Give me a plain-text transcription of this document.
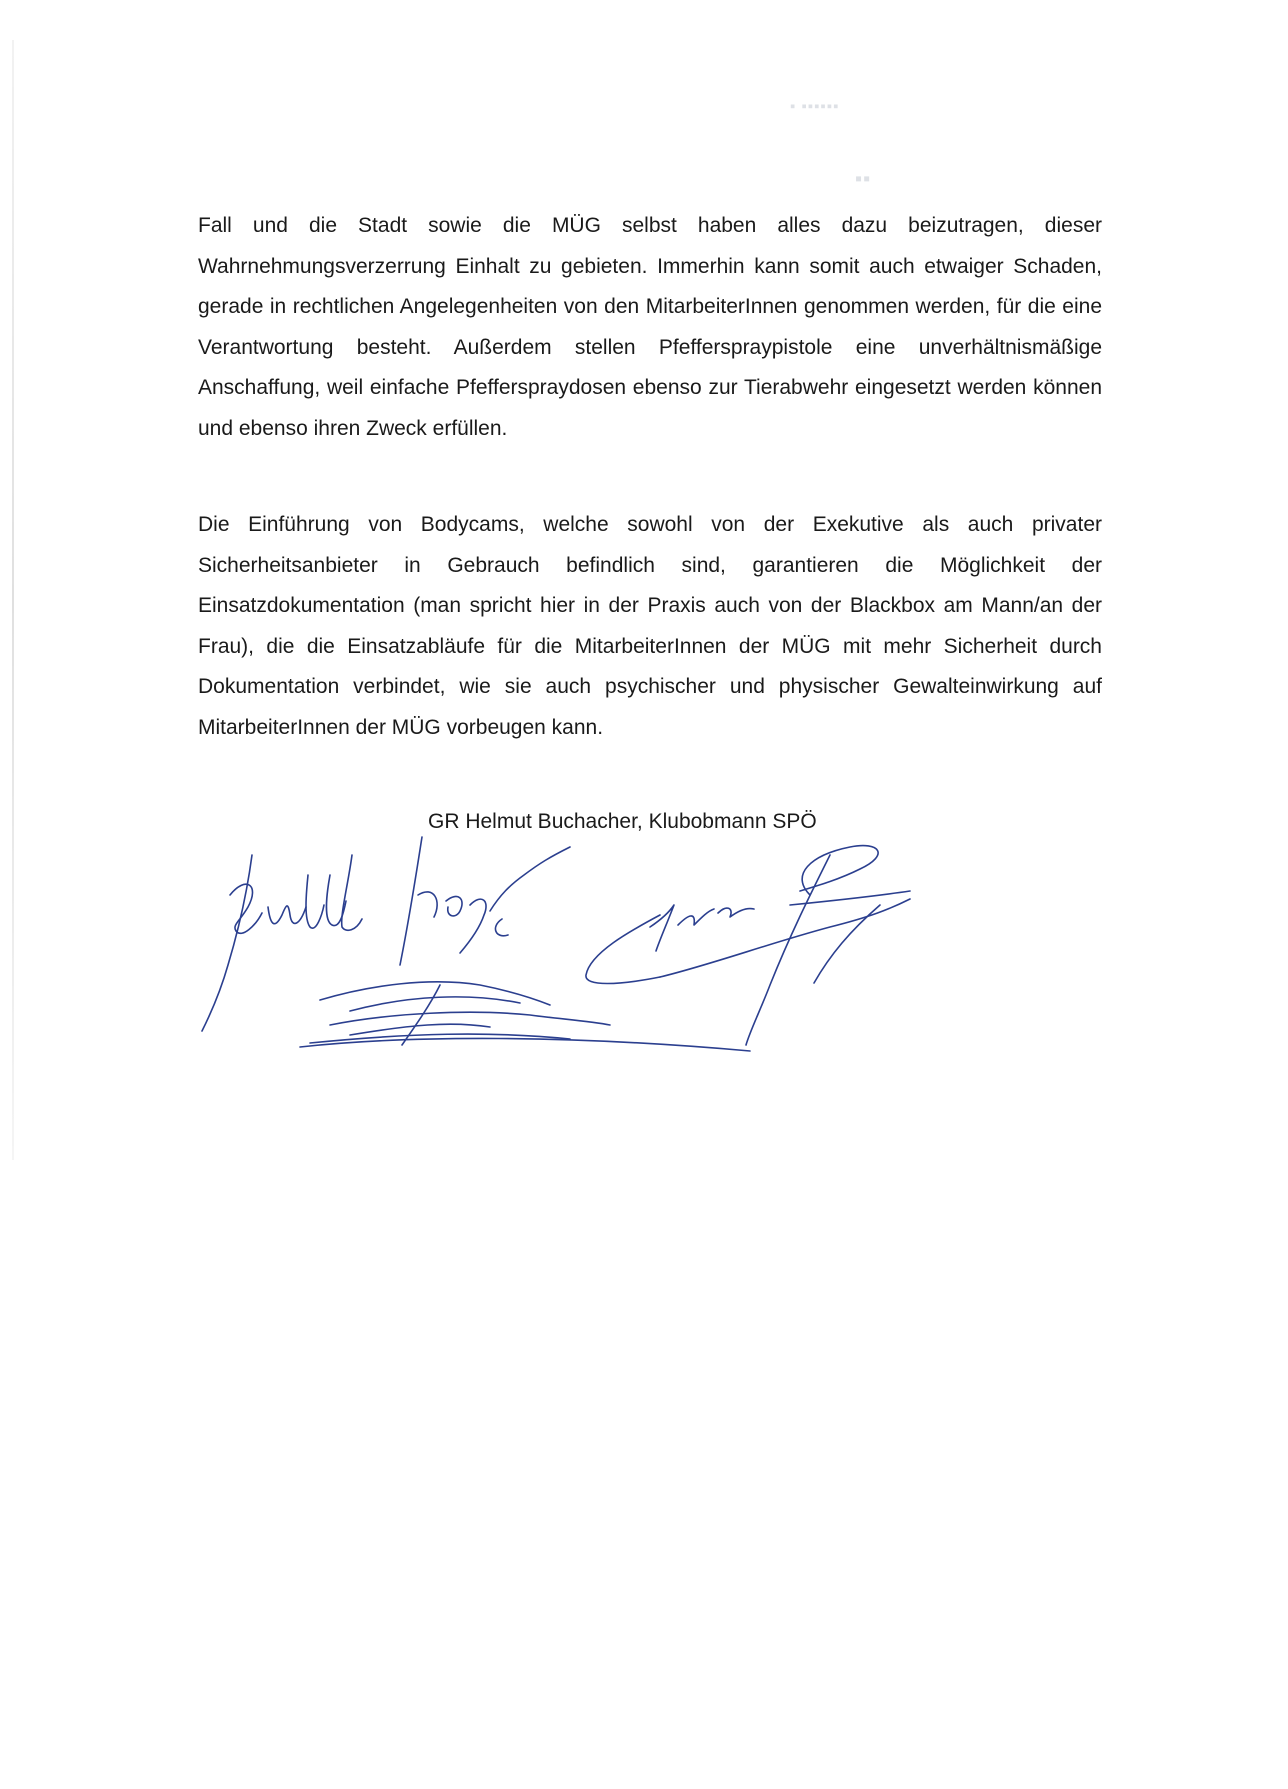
▪ ▪▪▪▪▪▪
▪▪

Fall und die Stadt sowie die MÜG selbst haben alles dazu beizutragen, dieser Wahrnehmungsverzerrung Einhalt zu gebieten. Immerhin kann somit auch etwaiger Schaden, gerade in rechtlichen Angelegenheiten von den MitarbeiterInnen genommen werden, für die eine Verantwortung besteht. Außerdem stellen Pfeffersprаypistole eine unverhältnismäßige Anschaffung, weil einfache Pfeffersprаydosen ebenso zur Tierabwehr eingesetzt werden können und ebenso ihren Zweck erfüllen.

Die Einführung von Bodycams, welche sowohl von der Exekutive als auch privater Sicherheitsanbieter in Gebrauch befindlich sind, garantieren die Möglichkeit der Einsatzdokumentation (man spricht hier in der Praxis auch von der Blackbox am Mann/an der Frau), die die Einsatzabläufe für die MitarbeiterInnen der MÜG mit mehr Sicherheit durch Dokumentation verbindet, wie sie auch psychischer und physischer Gewalteinwirkung auf MitarbeiterInnen der MÜG vorbeugen kann.

GR Helmut Buchacher, Klubobmann SPÖ
